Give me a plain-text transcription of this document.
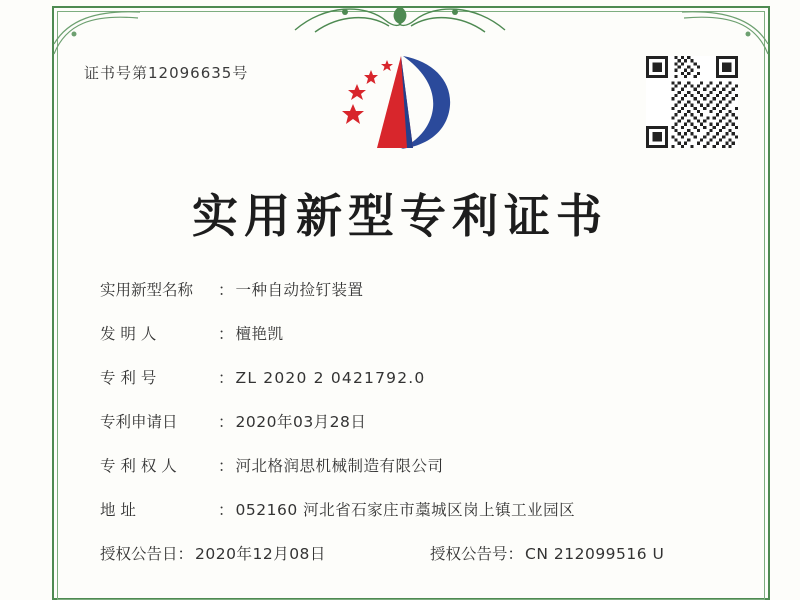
证书号第12096635号
实用新型专利证书
实用新型名称	： 一种自动捡钉装置
发 明 人	： 檀艳凯
专 利 号	： ZL 2020 2 0421792.0
专利申请日	： 2020年03月28日
专 利 权 人	： 河北格润思机械制造有限公司
地 址	： 052160 河北省石家庄市藁城区岗上镇工业园区
授权公告日 ： 2020年12月08日	授权公告号 ： CN 212099516 U
